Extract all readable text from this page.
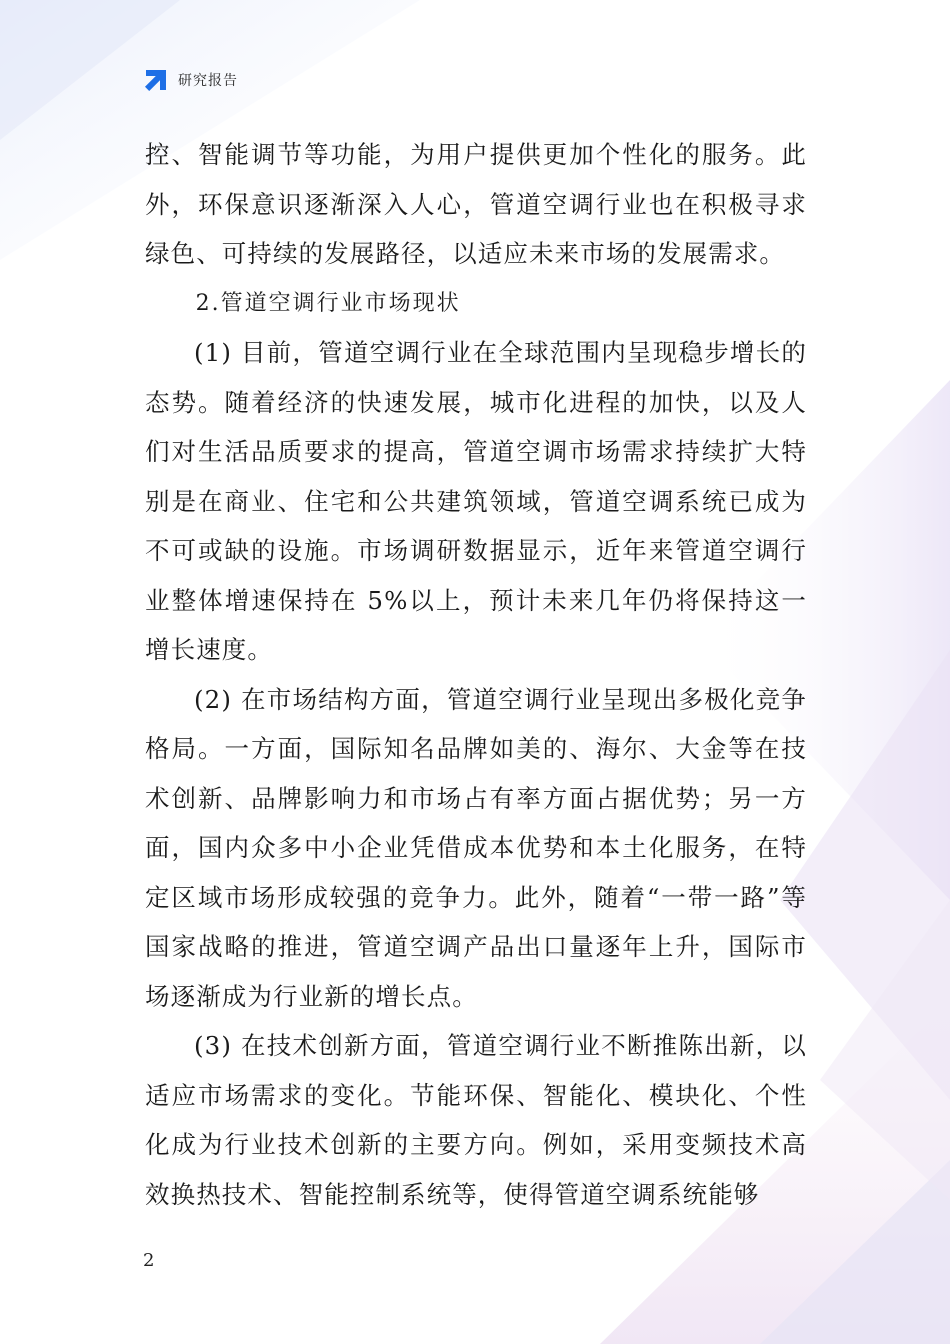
研究报告

控、智能调节等功能，为用户提供更加个性化的服务。此外，环保意识逐渐深入人心，管道空调行业也在积极寻求绿色、可持续的发展路径，以适应未来市场的发展需求。

2.管道空调行业市场现状

(1) 目前，管道空调行业在全球范围内呈现稳步增长的态势。随着经济的快速发展，城市化进程的加快，以及人们对生活品质要求的提高，管道空调市场需求持续扩大特别是在商业、住宅和公共建筑领域，管道空调系统已成为不可或缺的设施。市场调研数据显示，近年来管道空调行业整体增速保持在 5%以上，预计未来几年仍将保持这一增长速度。

(2) 在市场结构方面，管道空调行业呈现出多极化竞争格局。一方面，国际知名品牌如美的、海尔、大金等在技术创新、品牌影响力和市场占有率方面占据优势；另一方面，国内众多中小企业凭借成本优势和本土化服务，在特定区域市场形成较强的竞争力。此外，随着“一带一路”等国家战略的推进，管道空调产品出口量逐年上升，国际市场逐渐成为行业新的增长点。

(3) 在技术创新方面，管道空调行业不断推陈出新，以适应市场需求的变化。节能环保、智能化、模块化、个性化成为行业技术创新的主要方向。例如，采用变频技术高效换热技术、智能控制系统等，使得管道空调系统能够

2
